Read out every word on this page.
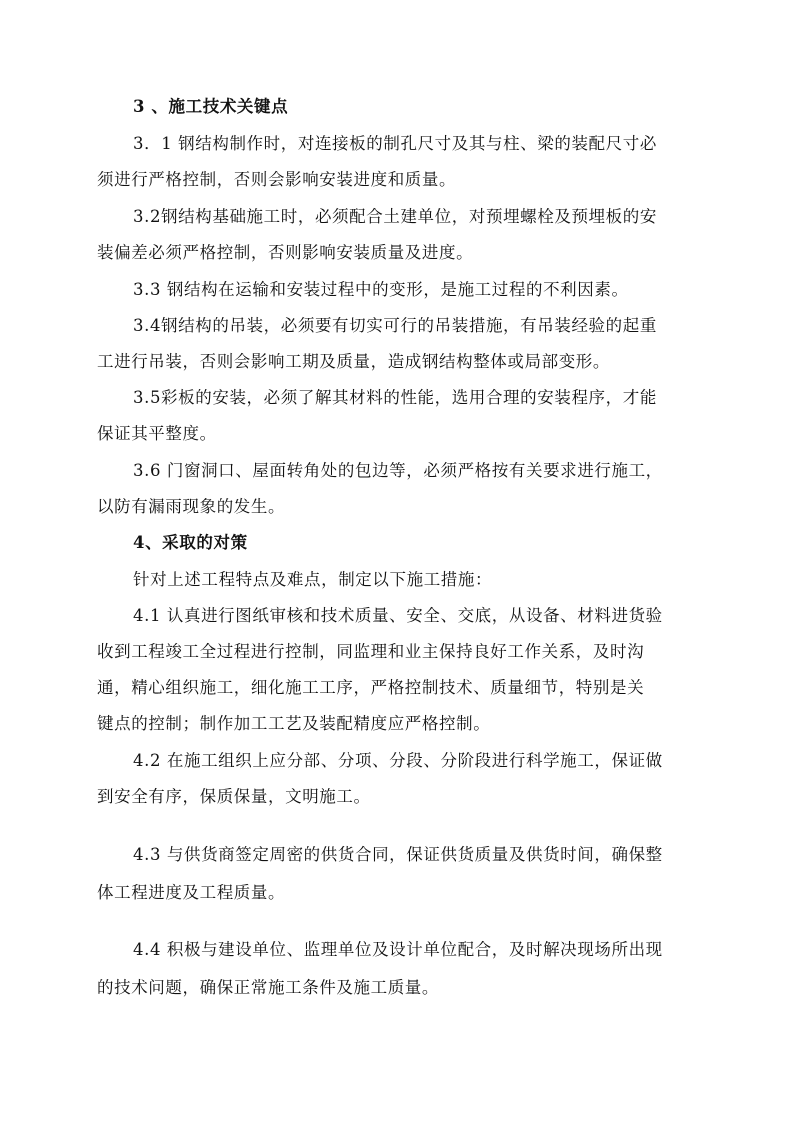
3 、施工技术关键点
3．1 钢结构制作时，对连接板的制孔尺寸及其与柱、梁的装配尺寸必
须进行严格控制，否则会影响安装进度和质量。
3.2钢结构基础施工时，必须配合土建单位，对预埋螺栓及预埋板的安
装偏差必须严格控制，否则影响安装质量及进度。
3.3 钢结构在运输和安装过程中的变形，是施工过程的不利因素。
3.4钢结构的吊装，必须要有切实可行的吊装措施，有吊装经验的起重
工进行吊装，否则会影响工期及质量，造成钢结构整体或局部变形。
3.5彩板的安装，必须了解其材料的性能，选用合理的安装程序，才能
保证其平整度。
3.6 门窗洞口、屋面转角处的包边等，必须严格按有关要求进行施工，
以防有漏雨现象的发生。
4、采取的对策
针对上述工程特点及难点，制定以下施工措施：
4.1 认真进行图纸审核和技术质量、安全、交底，从设备、材料进货验
收到工程竣工全过程进行控制，同监理和业主保持良好工作关系，及时沟
通，精心组织施工，细化施工工序，严格控制技术、质量细节，特别是关
键点的控制；制作加工工艺及装配精度应严格控制。
4.2 在施工组织上应分部、分项、分段、分阶段进行科学施工，保证做
到安全有序，保质保量，文明施工。
4.3 与供货商签定周密的供货合同，保证供货质量及供货时间，确保整
体工程进度及工程质量。
4.4 积极与建设单位、监理单位及设计单位配合，及时解决现场所出现
的技术问题，确保正常施工条件及施工质量。
